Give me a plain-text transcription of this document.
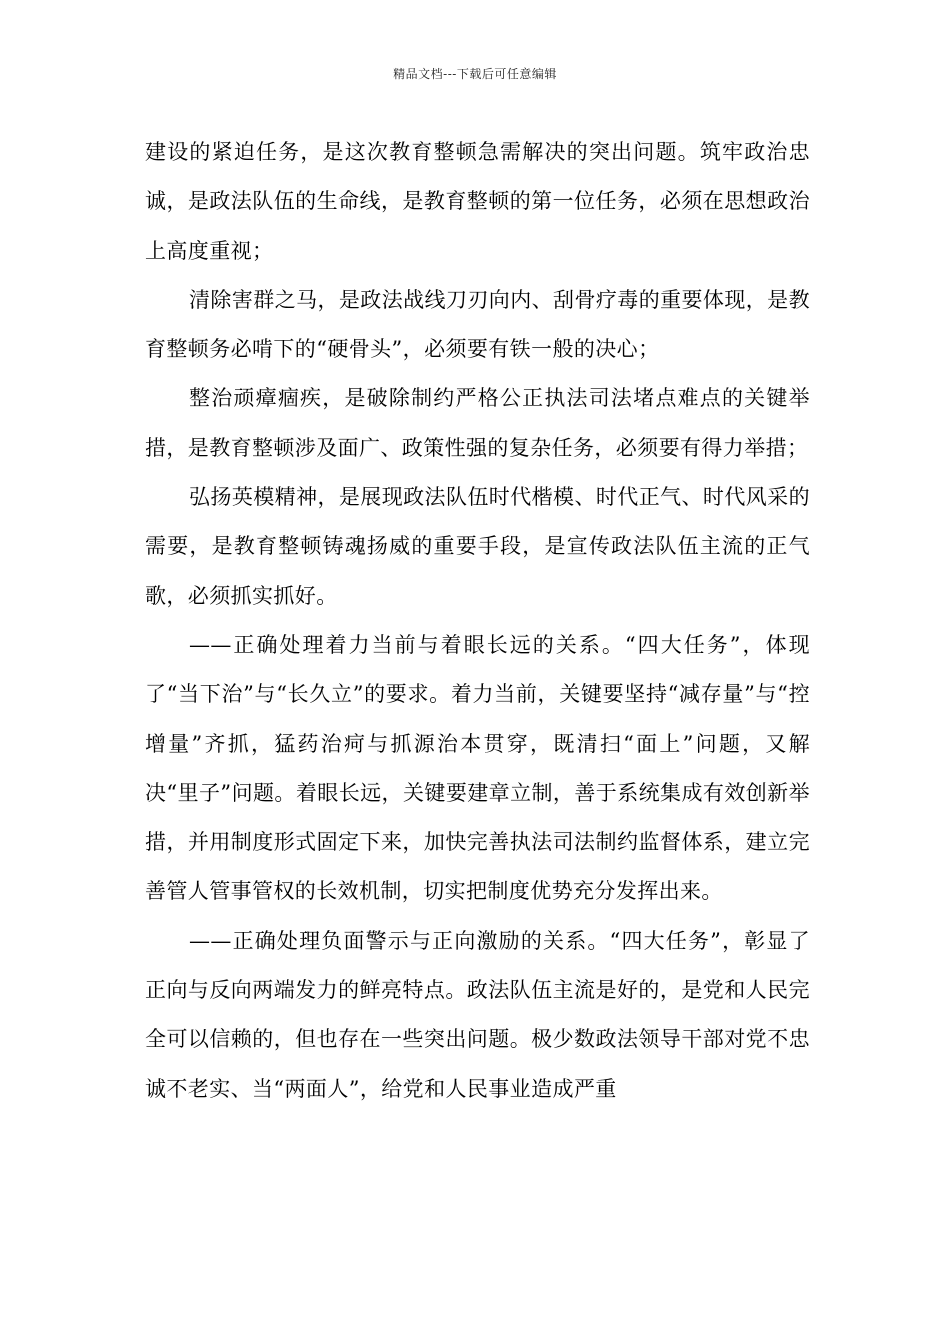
精品文档---下载后可任意编辑

建设的紧迫任务，是这次教育整顿急需解决的突出问题。筑牢政治忠诚，是政法队伍的生命线，是教育整顿的第一位任务，必须在思想政治上高度重视；

清除害群之马，是政法战线刀刃向内、刮骨疗毒的重要体现，是教育整顿务必啃下的“硬骨头”，必须要有铁一般的决心；

整治顽瘴痼疾，是破除制约严格公正执法司法堵点难点的关键举措，是教育整顿涉及面广、政策性强的复杂任务，必须要有得力举措；

弘扬英模精神，是展现政法队伍时代楷模、时代正气、时代风采的需要，是教育整顿铸魂扬威的重要手段，是宣传政法队伍主流的正气歌，必须抓实抓好。

——正确处理着力当前与着眼长远的关系。“四大任务”，体现了“当下治”与“长久立”的要求。着力当前，关键要坚持“减存量”与“控增量”齐抓，猛药治疴与抓源治本贯穿，既清扫“面上”问题，又解决“里子”问题。着眼长远，关键要建章立制，善于系统集成有效创新举措，并用制度形式固定下来，加快完善执法司法制约监督体系，建立完善管人管事管权的长效机制，切实把制度优势充分发挥出来。

——正确处理负面警示与正向激励的关系。“四大任务”，彰显了正向与反向两端发力的鲜亮特点。政法队伍主流是好的，是党和人民完全可以信赖的，但也存在一些突出问题。极少数政法领导干部对党不忠诚不老实、当“两面人”，给党和人民事业造成严重
